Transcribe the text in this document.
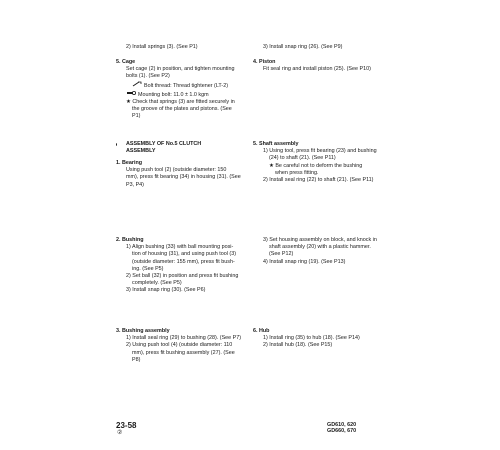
2) Install springs (3). (See P1)
5. Cage
Set cage (2) in position, and tighten mounting
bolts (1). (See P2)
Bolt thread: Thread tightener (LT-2)
Mounting bolt: 11.0 ± 1.0 kgm
★ Check that springs (3) are fitted securely in
the groove of the plates and pistons. (See
P1)
ASSEMBLY OF No.5 CLUTCH
ASSEMBLY
1. Bearing
Using push tool (2) (outside diameter: 150
mm), press fit bearing (34) in housing (31). (See
P3, P4)
2. Bushing
1) Align bushing (33) with ball mounting posi-
tion of housing (31), and using push tool (3)
(outside diameter: 155 mm), press fit bush-
ing. (See P5)
2) Set ball (32) in position and press fit bushing
completely. (See P5)
3) Install snap ring (30). (See P6)
3. Bushing assembly
1) Install seal ring (29) to bushing (28). (See P7)
2) Using push tool (4) (outside diameter: 110
mm), press fit bushing assembly (27). (See
P8)
3) Install snap ring (26). (See P9)
4. Piston
Fit seal ring and install piston (25). (See P10)
5. Shaft assembly
1) Using tool, press fit bearing (23) and bushing
(24) to shaft (21). (See P11)
★ Be careful not to deform the bushing
when press fitting.
2) Install seal ring (22) to shaft (21). (See P11)
3) Set housing assembly on block, and knock in
shaft assembly (20) with a plastic hammer.
(See P12)
4) Install snap ring (19). (See P13)
6. Hub
1) Install ring (35) to hub (18). (See P14)
2) Install hub (18). (See P15)
23-58
②
GD610, 620
GD660, 670
